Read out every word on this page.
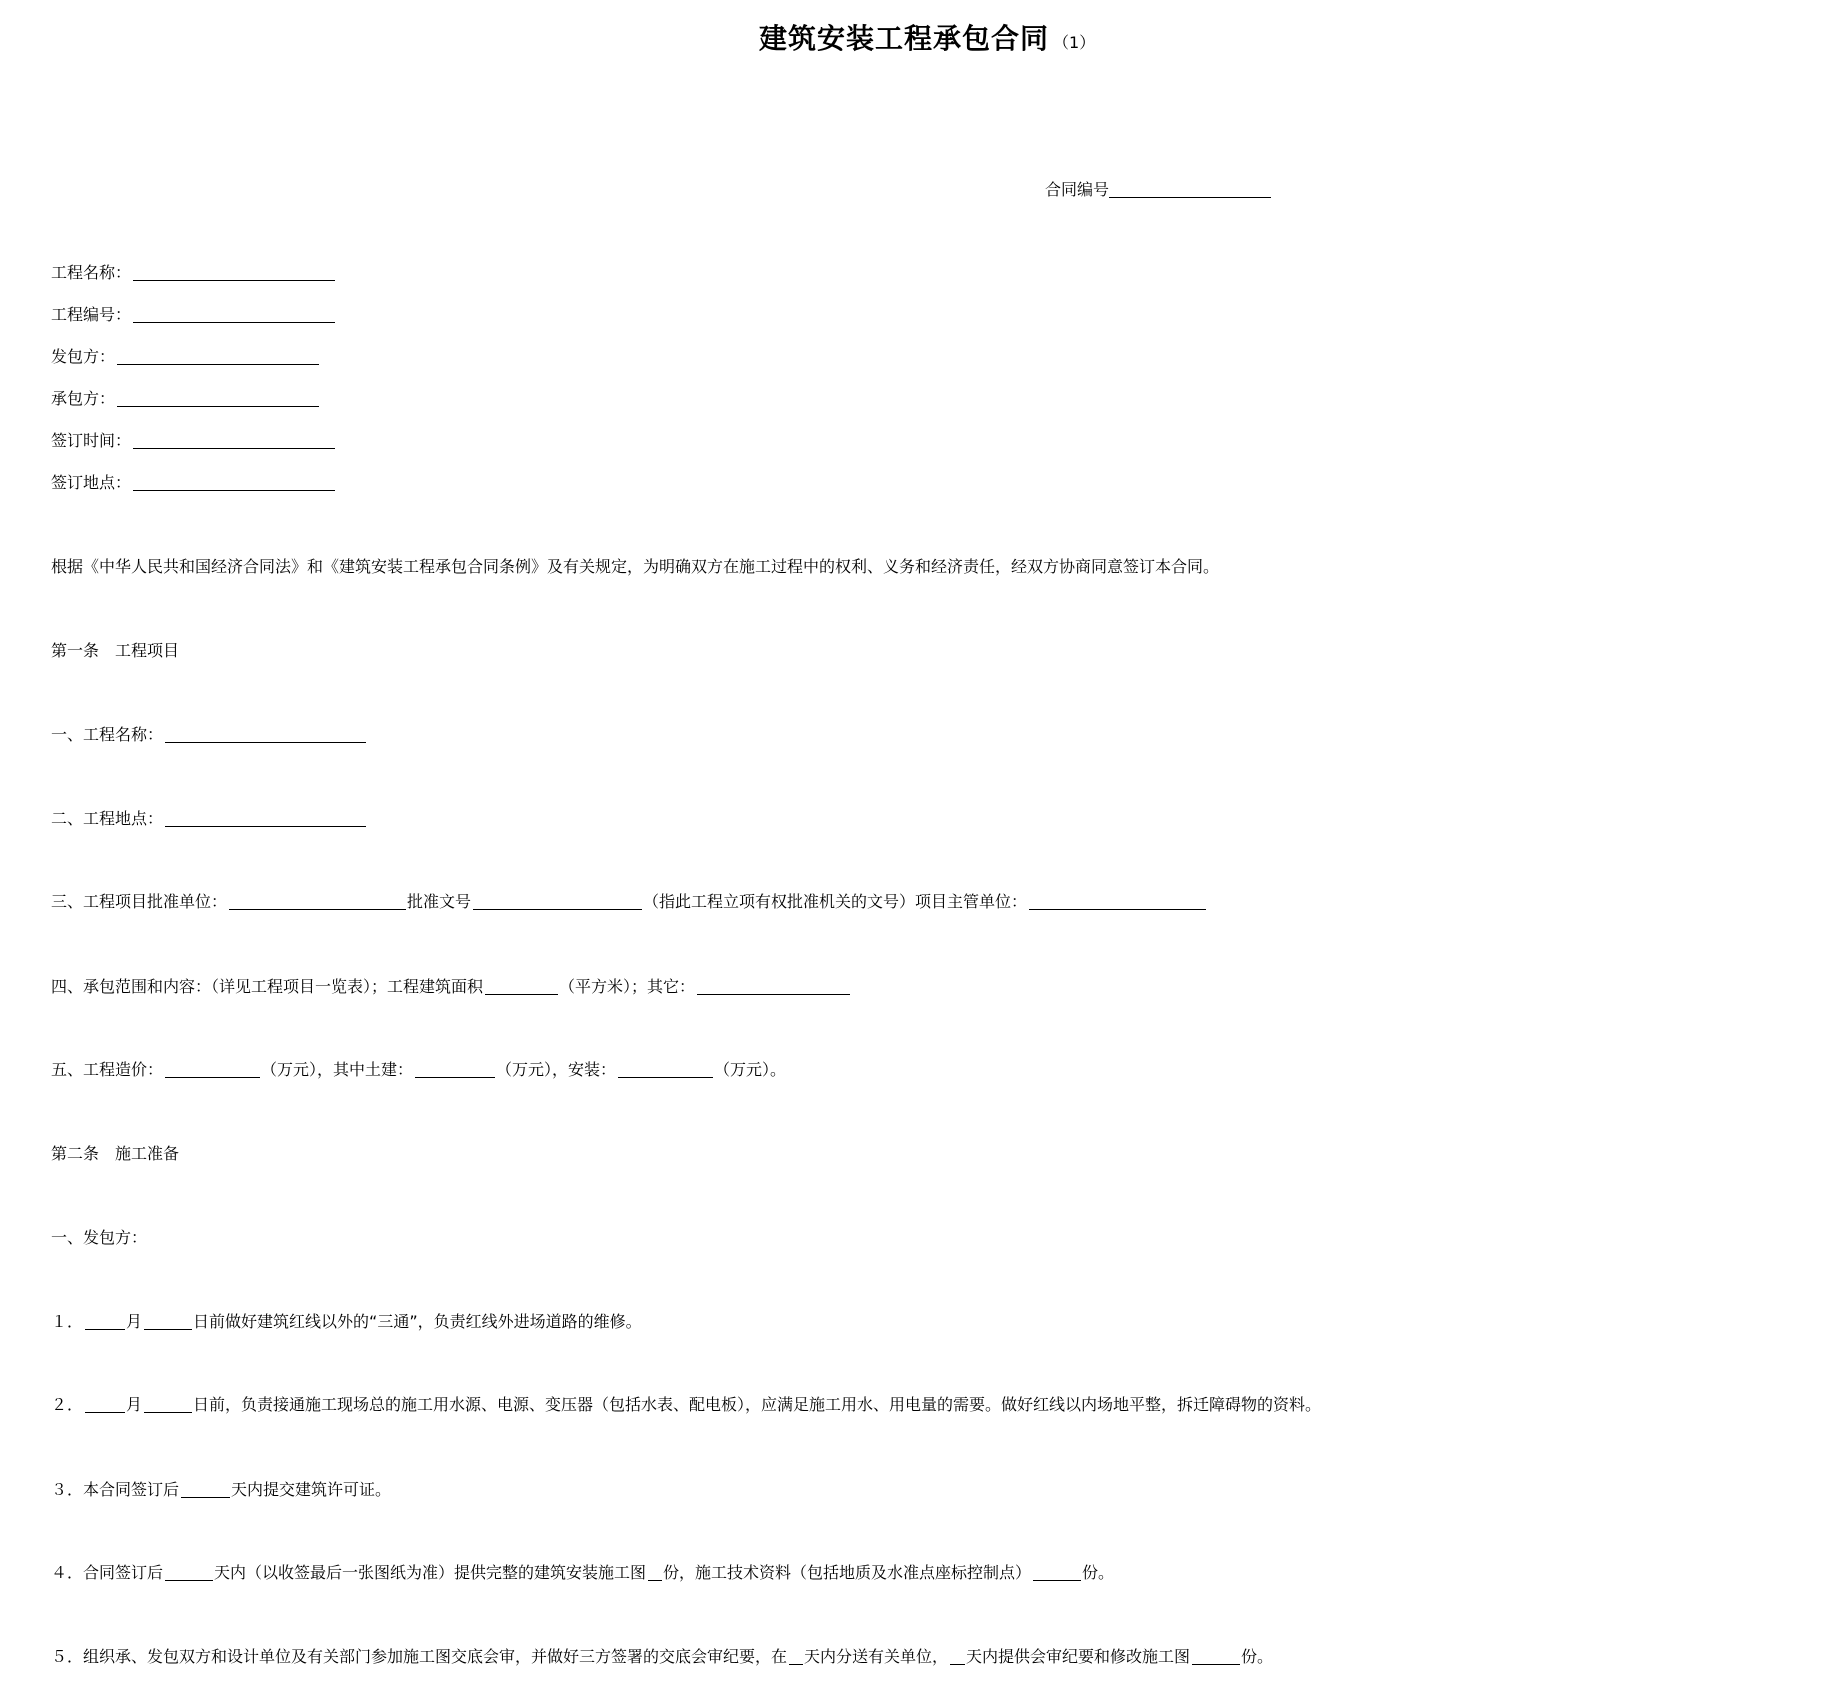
建筑安装工程承包合同 （1）
合同编号
工程名称：
工程编号：
发包方：
承包方：
签订时间：
签订地点：
根据《中华人民共和国经济合同法》和《建筑安装工程承包合同条例》及有关规定，为明确双方在施工过程中的权利、义务和经济责任，经双方协商同意签订本合同。
第一条　工程项目
一、工程名称：
二、工程地点：
三、工程项目批准单位：	批准文号	（指此工程立项有权批准机关的文号）项目主管单位：
四、承包范围和内容：（详见工程项目一览表）；工程建筑面积	（平方米）；其它：
五、工程造价：	（万元），其中土建：	（万元），安装：	（万元）。
第二条　施工准备
一、发包方：
１．	月	日前做好建筑红线以外的“三通”，负责红线外进场道路的维修。
２．	月	日前，负责接通施工现场总的施工用水源、电源、变压器（包括水表、配电板），应满足施工用水、用电量的需要。做好红线以内场地平整，拆迁障碍物的资料。
３．本合同签订后	天内提交建筑许可证。
４．合同签订后	天内（以收签最后一张图纸为准）提供完整的建筑安装施工图 份，施工技术资料（包括地质及水准点座标控制点）	份。
５．组织承、发包双方和设计单位及有关部门参加施工图交底会审，并做好三方签署的交底会审纪要，在 天内分送有关单位， 天内提供会审纪要和修改施工图	份。
